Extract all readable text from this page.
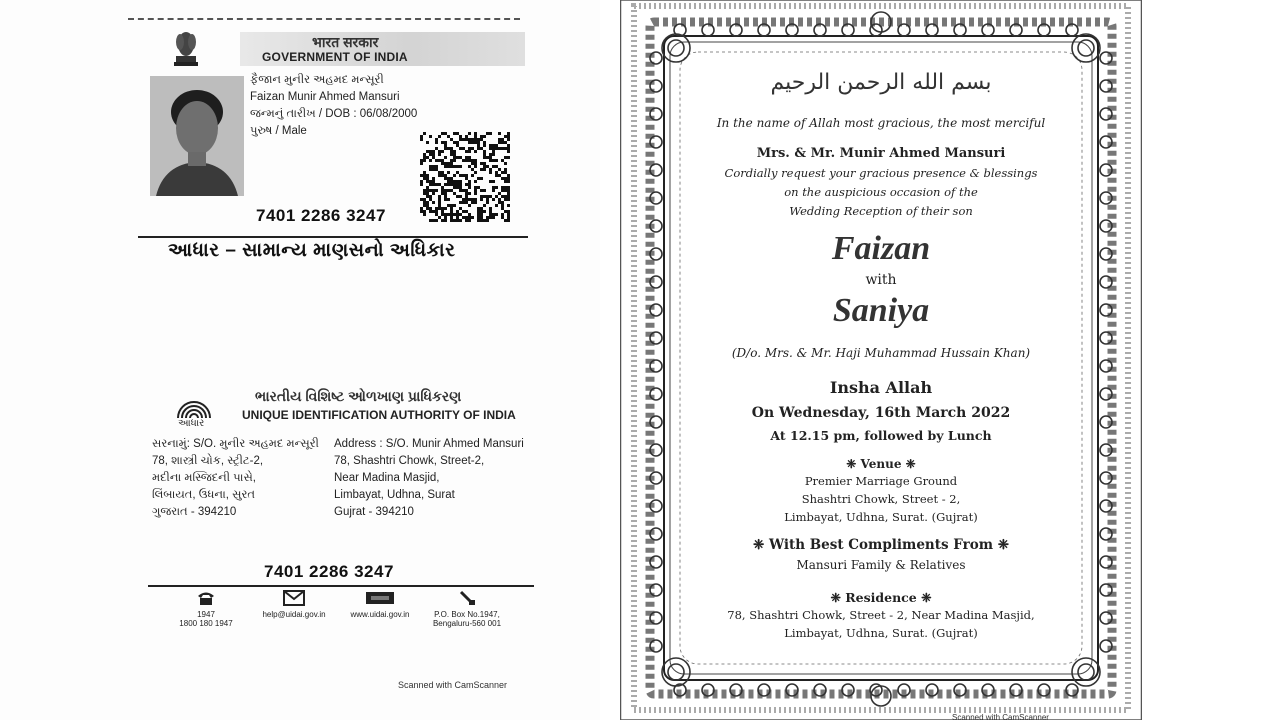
भारत सरकार
GOVERNMENT OF INDIA
ફૈજાન મુનીર અહમદ મન્સૂરી
Faizan Munir Ahmed Mansuri
જન્મનું તારીખ / DOB : 06/08/2000
પુરુષ / Male
7401 2286 3247
આધાર – સામાન્ય માણસનો અધિકાર
આધાર
ભારતીય વિશિષ્ટ ઓળખાણ પ્રાધિકરણ
UNIQUE IDENTIFICATION AUTHORITY OF INDIA
સરનામું: S/O. મુનીર અહમદ મન્સૂરી
78, શાસ્ત્રી ચોક, સ્ટ્રીટ-2,
મદીના મસ્જિદની પાસે,
લિંબાયત, ઉધના, સુરત
ગુજરાત - 394210
Address : S/O. Munir Ahmed Mansuri
78, Shashtri Chowk, Street-2,
Near Madina Masjid,
Limbayat, Udhna, Surat
Gujrat - 394210
7401 2286 3247
1947
1800 180 1947
help@uidai.gov.in	www.uidai.gov.in	P.O. Box No.1947,
Bengaluru-560 001
Scanned with CamScanner
بسم الله الرحمن الرحيم
In the name of Allah most gracious, the most merciful
Mrs. & Mr. Munir Ahmed Mansuri
Cordially request your gracious presence & blessings
on the auspicious occasion of the
Wedding Reception of their son
Faizan
with
Saniya
(D/o. Mrs. & Mr. Haji Muhammad Hussain Khan)
Insha Allah
On Wednesday, 16th March 2022
At 12.15 pm, followed by Lunch
❈ Venue ❈
Premier Marriage Ground
Shashtri Chowk, Street - 2,
Limbayat, Udhna, Surat. (Gujrat)
❈ With Best Compliments From ❈
Mansuri Family & Relatives
❈ Residence ❈
78, Shashtri Chowk, Street - 2, Near Madina Masjid,
Limbayat, Udhna, Surat. (Gujrat)
Scanned with CamScanner
